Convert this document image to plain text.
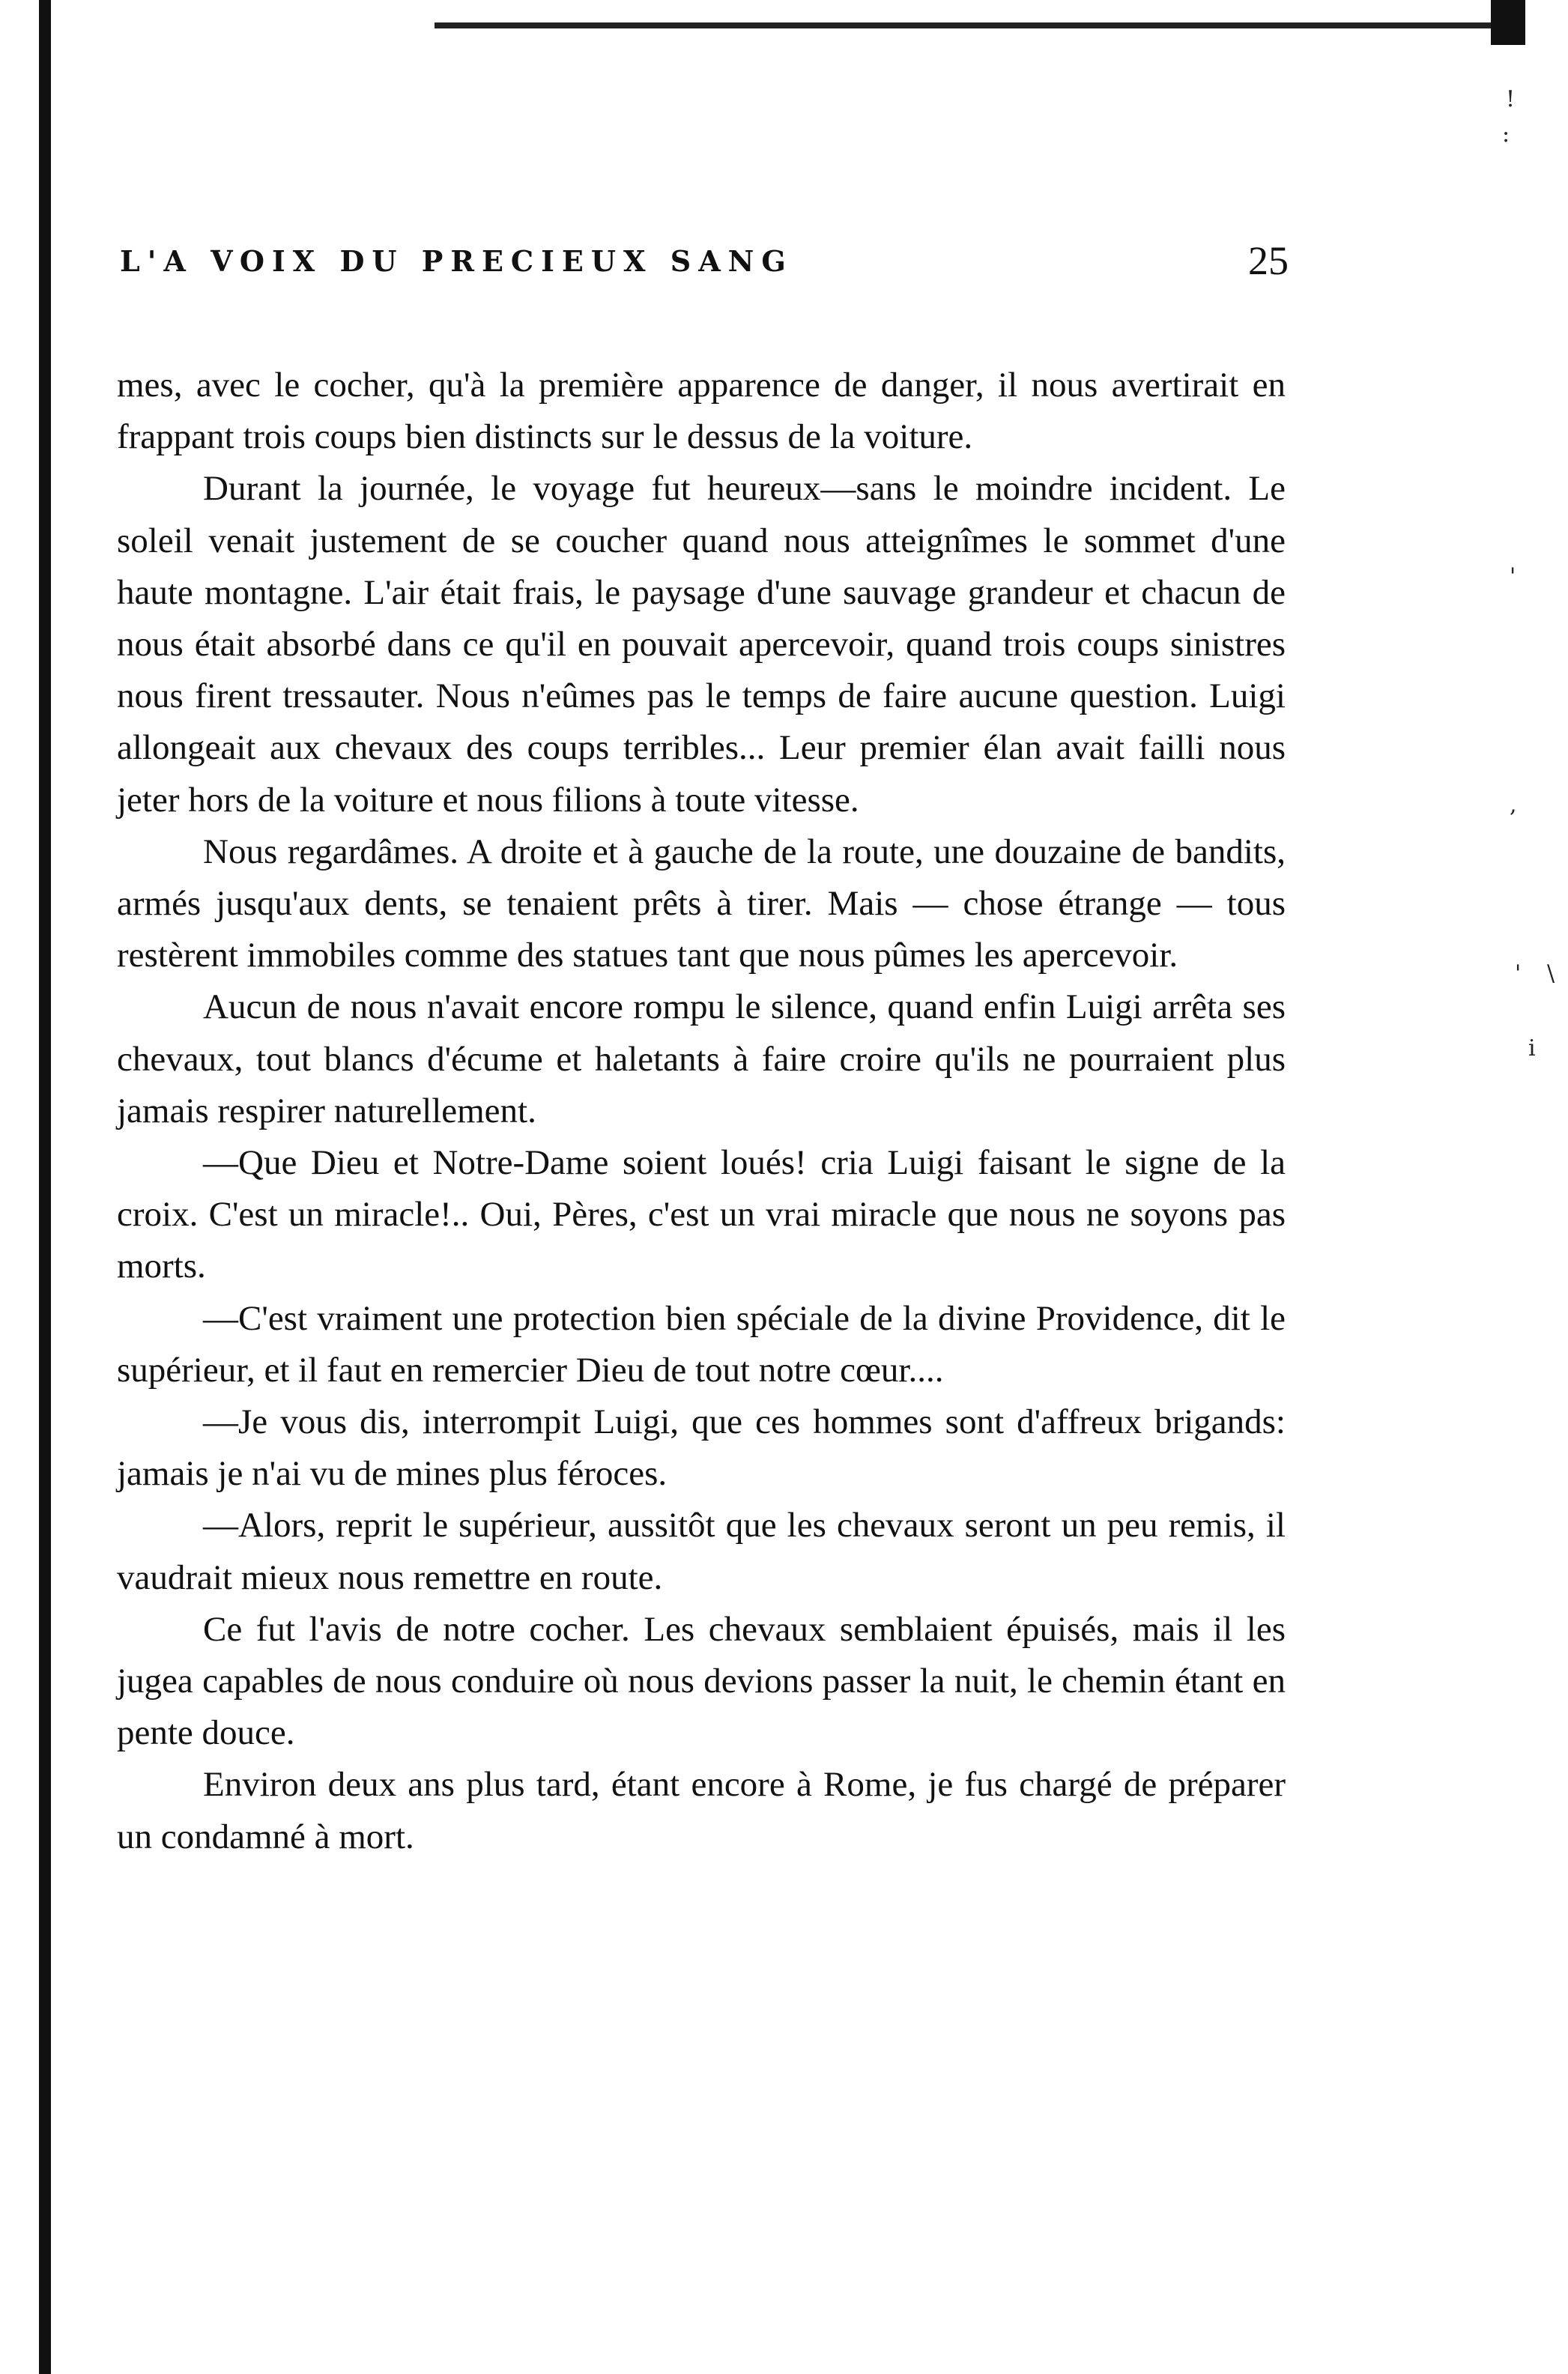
!
:
'
,
' \
i
L'A VOIX DU PRECIEUX SANG	25

mes, avec le cocher, qu'à la première apparence de danger, il nous avertirait en frappant trois coups bien distincts sur le dessus de la voiture.

Durant la journée, le voyage fut heureux—sans le moindre incident. Le soleil venait justement de se coucher quand nous atteignîmes le sommet d'une haute montagne. L'air était frais, le paysage d'une sauvage grandeur et chacun de nous était absorbé dans ce qu'il en pouvait apercevoir, quand trois coups sinistres nous firent tressauter. Nous n'eûmes pas le temps de faire aucune question. Luigi allongeait aux chevaux des coups terribles... Leur premier élan avait failli nous jeter hors de la voiture et nous filions à toute vitesse.

Nous regardâmes. A droite et à gauche de la route, une douzaine de bandits, armés jusqu'aux dents, se tenaient prêts à tirer. Mais — chose étrange — tous restèrent immobiles comme des statues tant que nous pûmes les apercevoir.

Aucun de nous n'avait encore rompu le silence, quand enfin Luigi arrêta ses chevaux, tout blancs d'écume et haletants à faire croire qu'ils ne pourraient plus jamais respirer naturellement.

—Que Dieu et Notre-Dame soient loués! cria Luigi faisant le signe de la croix. C'est un miracle!.. Oui, Pères, c'est un vrai miracle que nous ne soyons pas morts.

—C'est vraiment une protection bien spéciale de la divine Providence, dit le supérieur, et il faut en remercier Dieu de tout notre cœur....

—Je vous dis, interrompit Luigi, que ces hommes sont d'affreux brigands: jamais je n'ai vu de mines plus féroces.

—Alors, reprit le supérieur, aussitôt que les chevaux seront un peu remis, il vaudrait mieux nous remettre en route.

Ce fut l'avis de notre cocher. Les chevaux semblaient épuisés, mais il les jugea capables de nous conduire où nous devions passer la nuit, le chemin étant en pente douce.

Environ deux ans plus tard, étant encore à Rome, je fus chargé de préparer un condamné à mort.
